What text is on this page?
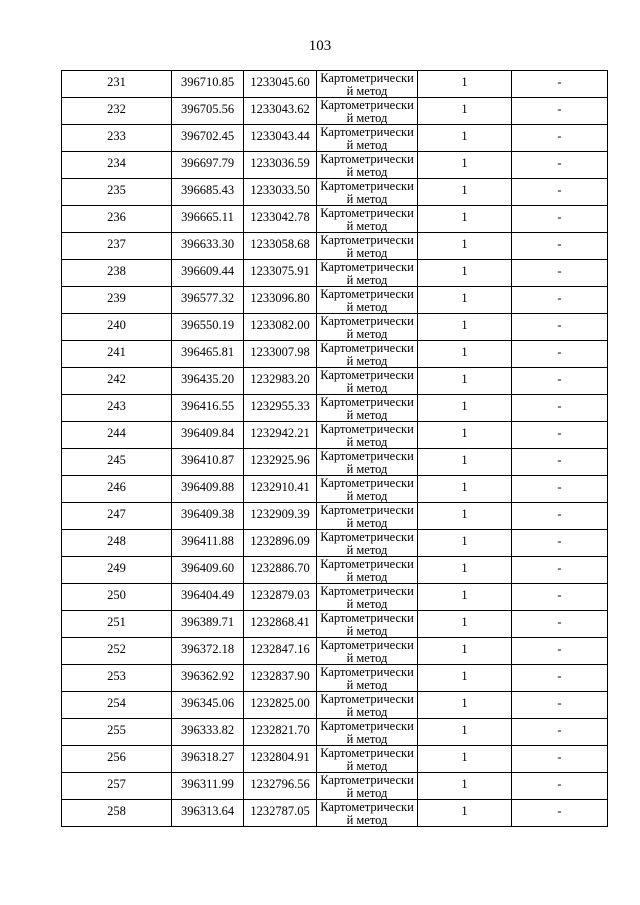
103
231	396710.85	1233045.60	Картометрический метод	1	-
232	396705.56	1233043.62	Картометрический метод	1	-
233	396702.45	1233043.44	Картометрический метод	1	-
234	396697.79	1233036.59	Картометрический метод	1	-
235	396685.43	1233033.50	Картометрический метод	1	-
236	396665.11	1233042.78	Картометрический метод	1	-
237	396633.30	1233058.68	Картометрический метод	1	-
238	396609.44	1233075.91	Картометрический метод	1	-
239	396577.32	1233096.80	Картометрический метод	1	-
240	396550.19	1233082.00	Картометрический метод	1	-
241	396465.81	1233007.98	Картометрический метод	1	-
242	396435.20	1232983.20	Картометрический метод	1	-
243	396416.55	1232955.33	Картометрический метод	1	-
244	396409.84	1232942.21	Картометрический метод	1	-
245	396410.87	1232925.96	Картометрический метод	1	-
246	396409.88	1232910.41	Картометрический метод	1	-
247	396409.38	1232909.39	Картометрический метод	1	-
248	396411.88	1232896.09	Картометрический метод	1	-
249	396409.60	1232886.70	Картометрический метод	1	-
250	396404.49	1232879.03	Картометрический метод	1	-
251	396389.71	1232868.41	Картометрический метод	1	-
252	396372.18	1232847.16	Картометрический метод	1	-
253	396362.92	1232837.90	Картометрический метод	1	-
254	396345.06	1232825.00	Картометрический метод	1	-
255	396333.82	1232821.70	Картометрический метод	1	-
256	396318.27	1232804.91	Картометрический метод	1	-
257	396311.99	1232796.56	Картометрический метод	1	-
258	396313.64	1232787.05	Картометрический метод	1	-
